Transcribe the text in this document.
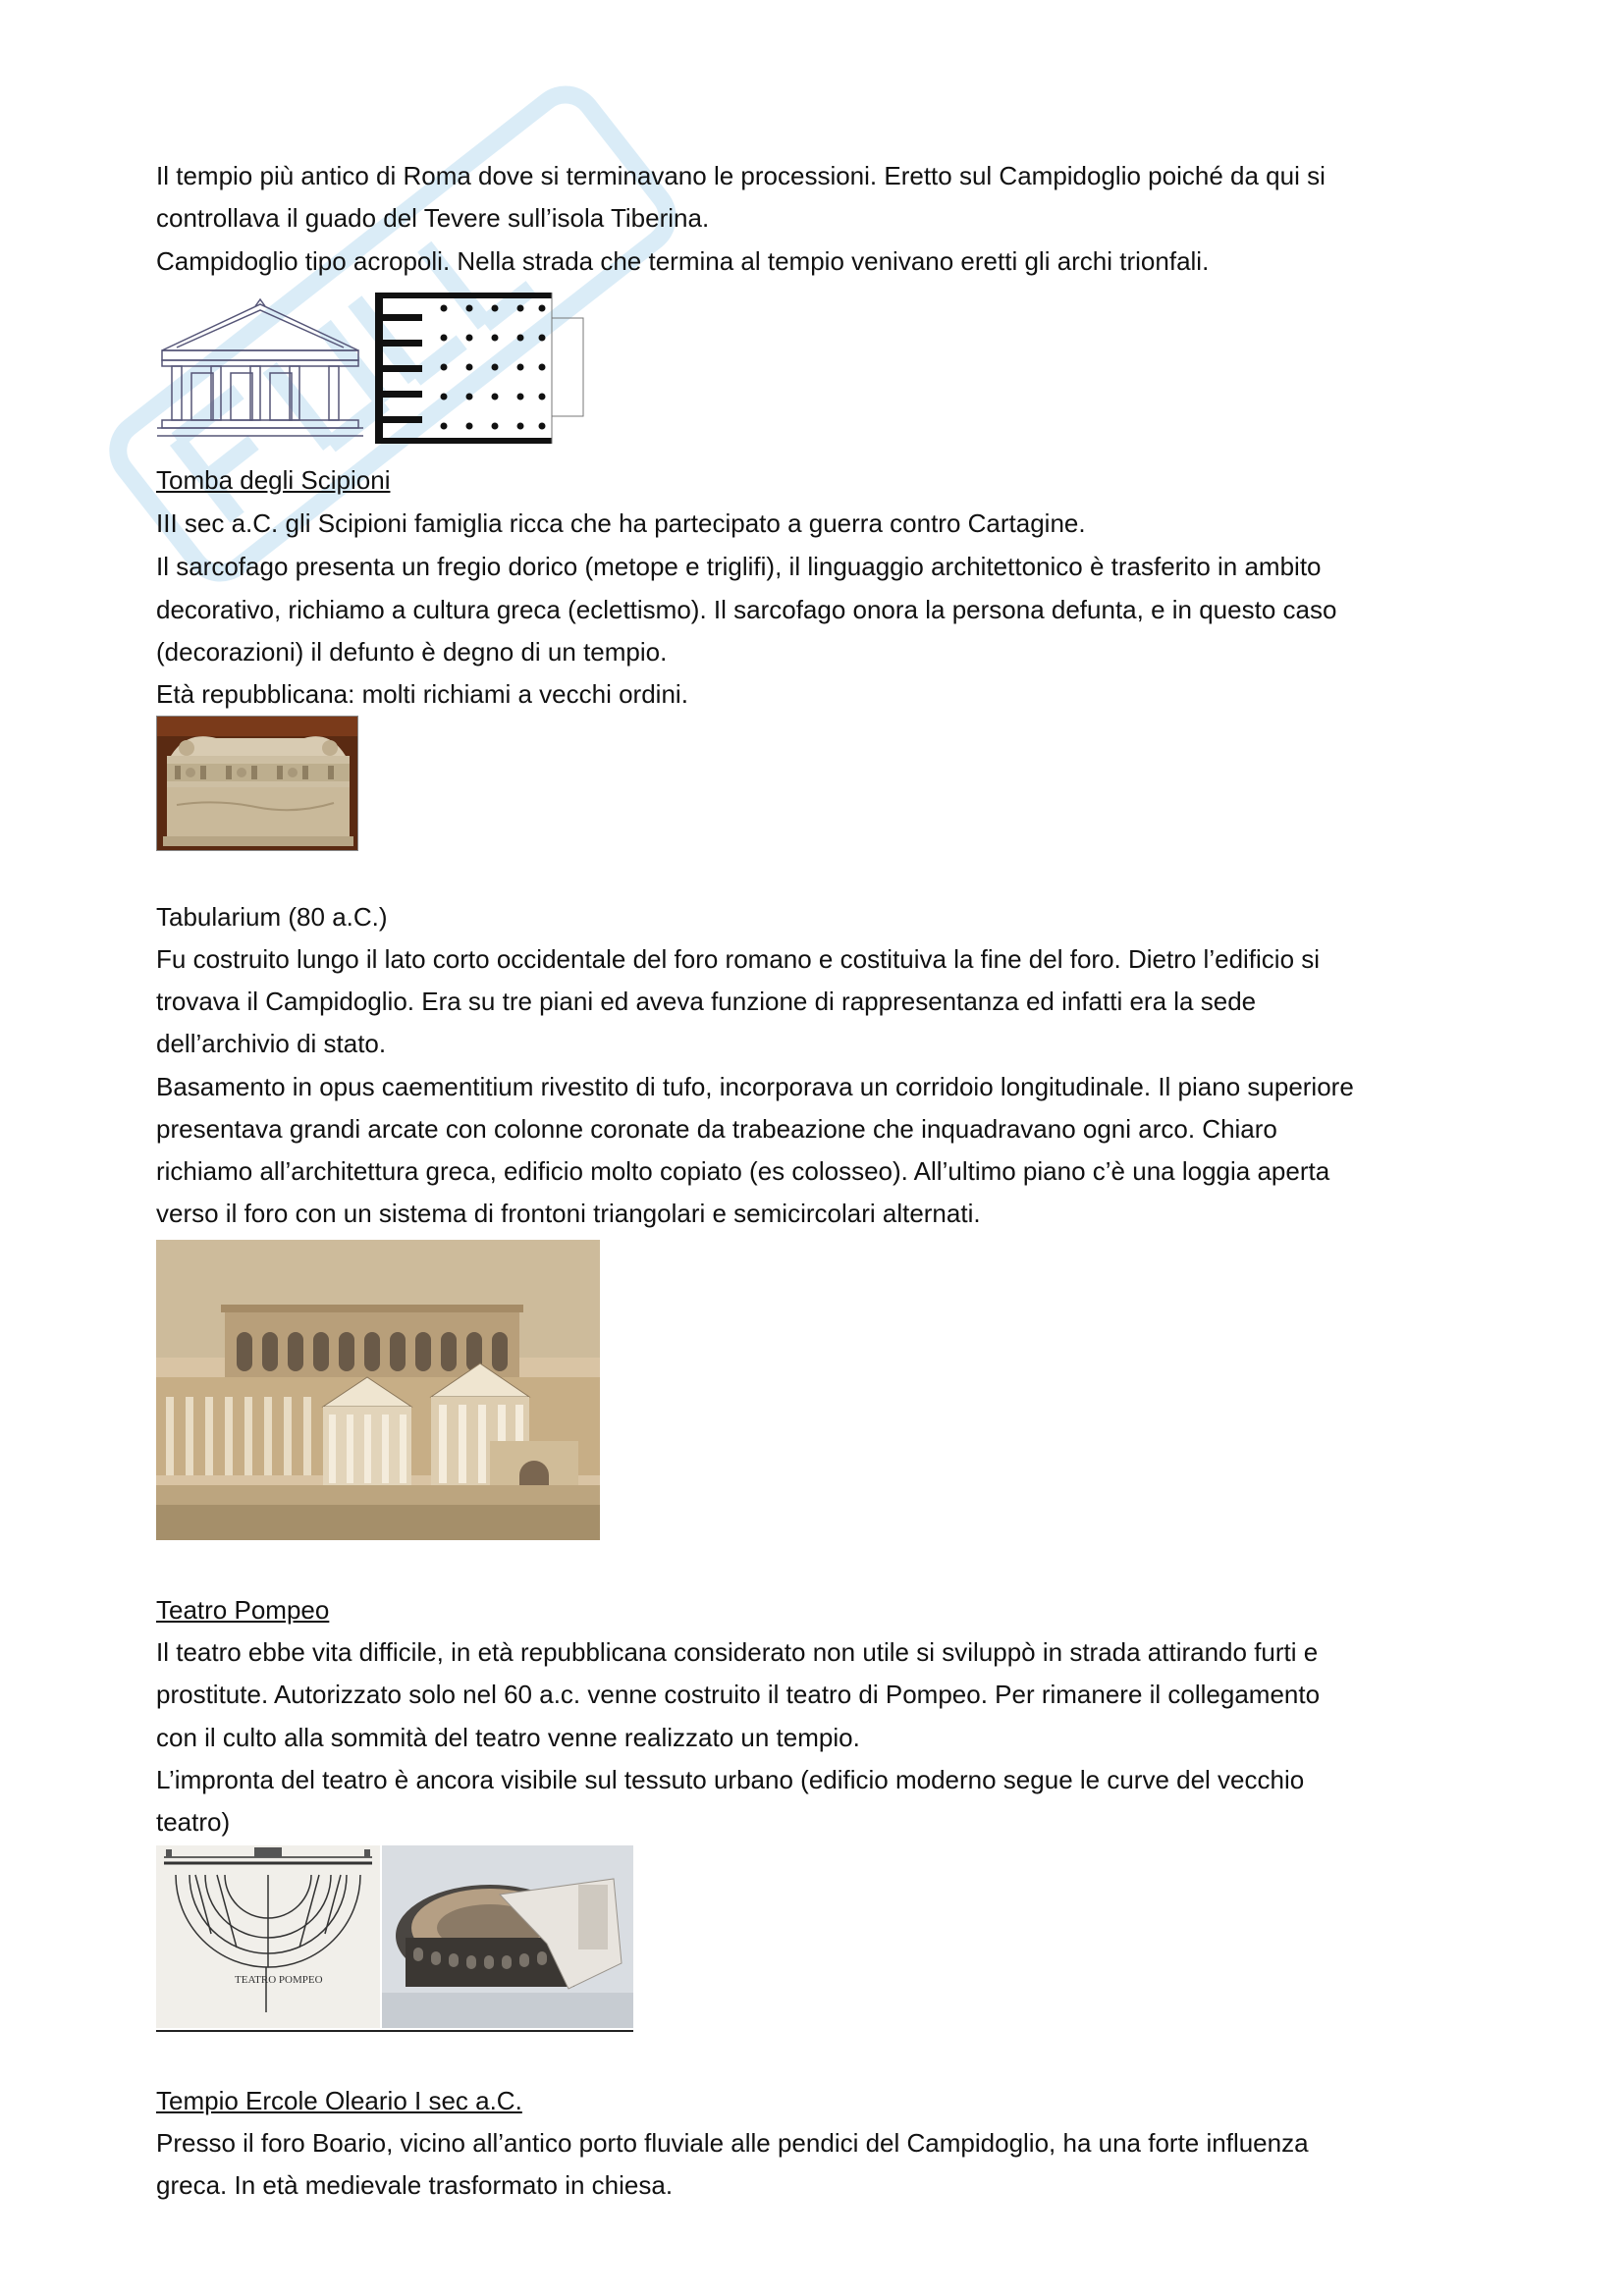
Il tempio più antico di Roma dove si terminavano le processioni. Eretto sul Campidoglio poiché da qui si

controllava il guado del Tevere sull’isola Tiberina.

Campidoglio tipo acropoli. Nella strada che termina al tempio venivano eretti gli archi trionfali.

Tomba degli Scipioni

III sec a.C. gli Scipioni famiglia ricca che ha partecipato a guerra contro Cartagine.

Il sarcofago presenta un fregio dorico (metope e triglifi), il linguaggio architettonico è trasferito in ambito

decorativo, richiamo a cultura greca (eclettismo). Il sarcofago onora la persona defunta, e in questo caso

(decorazioni) il defunto è degno di un tempio.

Età repubblicana: molti richiami a vecchi ordini.

Tabularium (80 a.C.)

Fu costruito lungo il lato corto occidentale del foro romano e costituiva la fine del foro. Dietro l’edificio si

trovava il Campidoglio. Era su tre piani ed aveva funzione di rappresentanza ed infatti era la sede

dell’archivio di stato.

Basamento in opus caementitium rivestito di tufo, incorporava un corridoio longitudinale. Il piano superiore

presentava grandi arcate con colonne coronate da trabeazione che inquadravano ogni arco. Chiaro

richiamo all’architettura greca, edificio molto copiato (es colosseo). All’ultimo piano c’è una loggia aperta

verso il foro con un sistema di frontoni triangolari e semicircolari alternati.

Teatro Pompeo

Il teatro ebbe vita difficile, in età repubblicana considerato non utile si sviluppò in strada attirando furti e

prostitute. Autorizzato solo nel 60 a.c. venne costruito il teatro di Pompeo. Per rimanere il collegamento

con il culto alla sommità del teatro venne realizzato un tempio.

L’impronta del teatro è ancora visibile sul tessuto urbano (edificio moderno segue le curve del vecchio

teatro)

TEATRO POMPEO

Tempio Ercole Oleario I sec a.C.

Presso il foro Boario, vicino all’antico porto fluviale alle pendici del Campidoglio, ha una forte influenza

greca. In età medievale trasformato in chiesa.
